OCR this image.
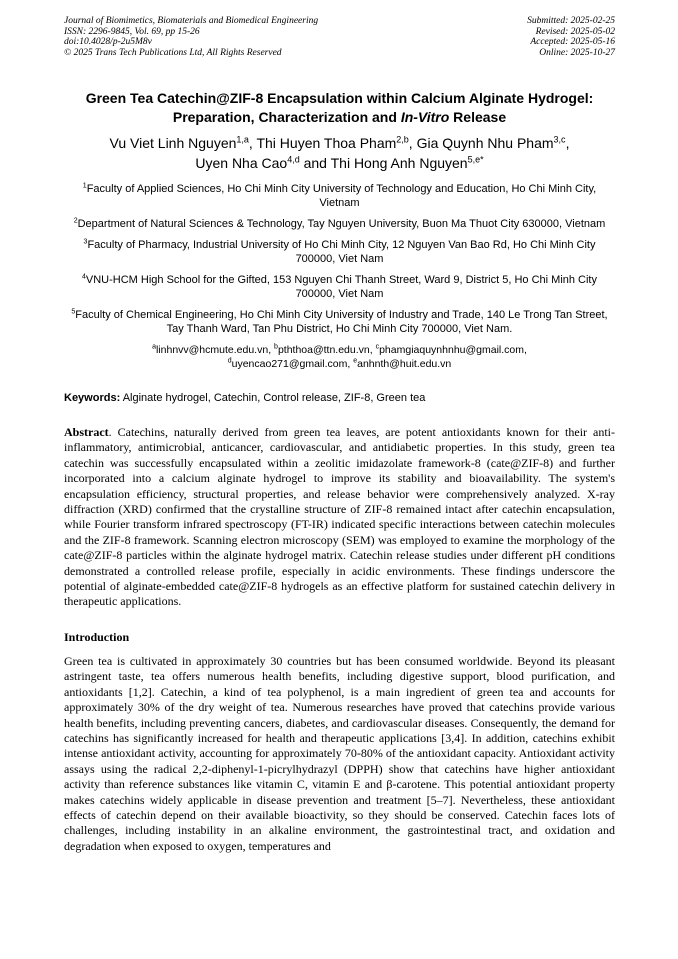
Journal of Biomimetics, Biomaterials and Biomedical Engineering
ISSN: 2296-9845, Vol. 69, pp 15-26
doi:10.4028/p-2u5M8v
© 2025 Trans Tech Publications Ltd, All Rights Reserved
Submitted: 2025-02-25
Revised: 2025-05-02
Accepted: 2025-05-16
Online: 2025-10-27
Green Tea Catechin@ZIF-8 Encapsulation within Calcium Alginate Hydrogel: Preparation, Characterization and In-Vitro Release
Vu Viet Linh Nguyen$^{1,a}$, Thi Huyen Thoa Pham$^{2,b}$, Gia Quynh Nhu Pham$^{3,c}$,
Uyen Nha Cao$^{4,d}$ and Thi Hong Anh Nguyen$^{5,e*}$
$^1$Faculty of Applied Sciences, Ho Chi Minh City University of Technology and Education, Ho Chi Minh City, Vietnam
$^2$Department of Natural Sciences & Technology, Tay Nguyen University, Buon Ma Thuot City 630000, Vietnam
$^3$Faculty of Pharmacy, Industrial University of Ho Chi Minh City, 12 Nguyen Van Bao Rd, Ho Chi Minh City 700000, Viet Nam
$^4$VNU-HCM High School for the Gifted, 153 Nguyen Chi Thanh Street, Ward 9, District 5, Ho Chi Minh City 700000, Viet Nam
$^5$Faculty of Chemical Engineering, Ho Chi Minh City University of Industry and Trade, 140 Le Trong Tan Street, Tay Thanh Ward, Tan Phu District, Ho Chi Minh City 700000, Viet Nam.
$^a$linhnvv@hcmute.edu.vn, $^b$pththoa@ttn.edu.vn, $^c$phamgiaquynhnhu@gmail.com,
$^d$uyencao271@gmail.com, $^e$anhnth@huit.edu.vn
Keywords: Alginate hydrogel, Catechin, Control release, ZIF-8, Green tea
Abstract. Catechins, naturally derived from green tea leaves, are potent antioxidants known for their anti-inflammatory, antimicrobial, anticancer, cardiovascular, and antidiabetic properties. In this study, green tea catechin was successfully encapsulated within a zeolitic imidazolate framework-8 (cate@ZIF-8) and further incorporated into a calcium alginate hydrogel to improve its stability and bioavailability. The system's encapsulation efficiency, structural properties, and release behavior were comprehensively analyzed. X-ray diffraction (XRD) confirmed that the crystalline structure of ZIF-8 remained intact after catechin encapsulation, while Fourier transform infrared spectroscopy (FT-IR) indicated specific interactions between catechin molecules and the ZIF-8 framework. Scanning electron microscopy (SEM) was employed to examine the morphology of the cate@ZIF-8 particles within the alginate hydrogel matrix. Catechin release studies under different pH conditions demonstrated a controlled release profile, especially in acidic environments. These findings underscore the potential of alginate-embedded cate@ZIF-8 hydrogels as an effective platform for sustained catechin delivery in therapeutic applications.
Introduction
Green tea is cultivated in approximately 30 countries but has been consumed worldwide. Beyond its pleasant astringent taste, tea offers numerous health benefits, including digestive support, blood purification, and antioxidants [1,2]. Catechin, a kind of tea polyphenol, is a main ingredient of green tea and accounts for approximately 30% of the dry weight of tea. Numerous researches have proved that catechins provide various health benefits, including preventing cancers, diabetes, and cardiovascular diseases. Consequently, the demand for catechins has significantly increased for health and therapeutic applications [3,4]. In addition, catechins exhibit intense antioxidant activity, accounting for approximately 70-80% of the antioxidant capacity. Antioxidant activity assays using the radical 2,2-diphenyl-1-picrylhydrazyl (DPPH) show that catechins have higher antioxidant activity than reference substances like vitamin C, vitamin E and β-carotene. This potential antioxidant property makes catechins widely applicable in disease prevention and treatment [5–7]. Nevertheless, these antioxidant effects of catechin depend on their available bioactivity, so they should be conserved. Catechin faces lots of challenges, including instability in an alkaline environment, the gastrointestinal tract, and oxidation and degradation when exposed to oxygen, temperatures and
